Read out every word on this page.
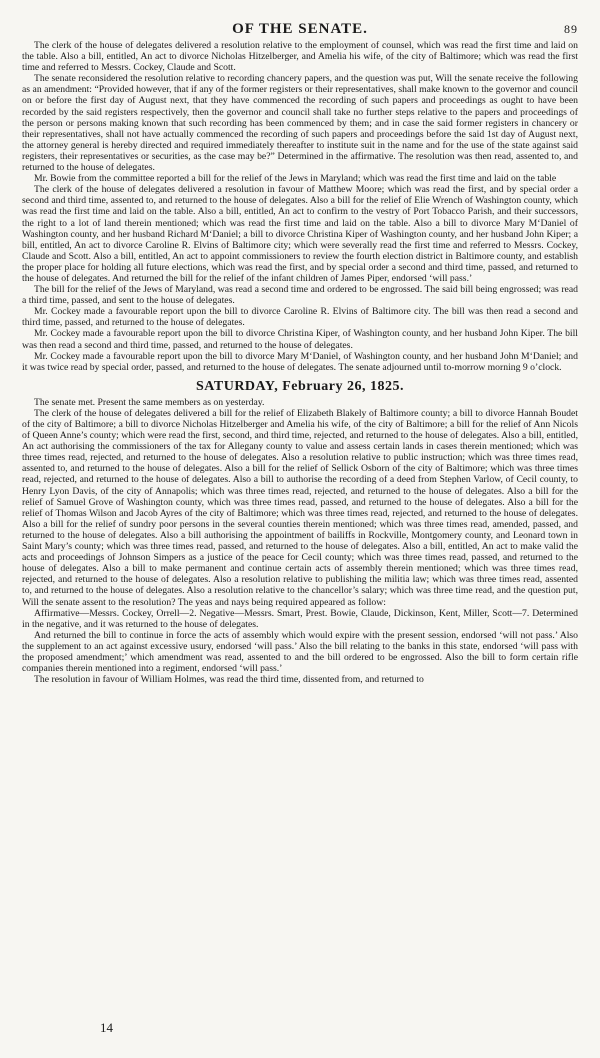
OF THE SENATE.	89

The clerk of the house of delegates delivered a resolution relative to the employment of counsel, which was read the first time and laid on the table. Also a bill, entitled, An act to divorce Nicholas Hitzelberger, and Amelia his wife, of the city of Baltimore; which was read the first time and referred to Messrs. Cockey, Claude and Scott.

The senate reconsidered the resolution relative to recording chancery papers, and the question was put, Will the senate receive the following as an amendment: “Provided however, that if any of the former registers or their representatives, shall make known to the governor and council on or before the first day of August next, that they have commenced the recording of such papers and proceedings as ought to have been recorded by the said registers respectively, then the governor and council shall take no further steps relative to the papers and proceedings of the person or persons making known that such recording has been commenced by them; and in case the said former registers in chancery or their representatives, shall not have actually commenced the recording of such papers and proceedings before the said 1st day of August next, the attorney general is hereby directed and required immediately thereafter to institute suit in the name and for the use of the state against said registers, their representatives or securities, as the case may be?” Determined in the affirmative. The resolution was then read, assented to, and returned to the house of delegates.

Mr. Bowie from the committee reported a bill for the relief of the Jews in Maryland; which was read the first time and laid on the table

The clerk of the house of delegates delivered a resolution in favour of Matthew Moore; which was read the first, and by special order a second and third time, assented to, and returned to the house of delegates. Also a bill for the relief of Elie Wrench of Washington county, which was read the first time and laid on the table. Also a bill, entitled, An act to confirm to the vestry of Port Tobacco Parish, and their successors, the right to a lot of land therein mentioned; which was read the first time and laid on the table. Also a bill to divorce Mary M‘Daniel of Washington county, and her husband Richard M‘Daniel; a bill to divorce Christina Kiper of Washington county, and her husband John Kiper; a bill, entitled, An act to divorce Caroline R. Elvins of Baltimore city; which were severally read the first time and referred to Messrs. Cockey, Claude and Scott. Also a bill, entitled, An act to appoint commissioners to review the fourth election district in Baltimore county, and establish the proper place for holding all future elections, which was read the first, and by special order a second and third time, passed, and returned to the house of delegates. And returned the bill for the relief of the infant children of James Piper, endorsed ‘will pass.’

The bill for the relief of the Jews of Maryland, was read a second time and ordered to be engrossed. The said bill being engrossed; was read a third time, passed, and sent to the house of delegates.

Mr. Cockey made a favourable report upon the bill to divorce Caroline R. Elvins of Baltimore city. The bill was then read a second and third time, passed, and returned to the house of delegates.

Mr. Cockey made a favourable report upon the bill to divorce Christina Kiper, of Washington county, and her husband John Kiper. The bill was then read a second and third time, passed, and returned to the house of delegates.

Mr. Cockey made a favourable report upon the bill to divorce Mary M‘Daniel, of Washington county, and her husband John M‘Daniel; and it was twice read by special order, passed, and returned to the house of delegates. The senate adjourned until to-morrow morning 9 o’clock.

SATURDAY, February 26, 1825.

The senate met. Present the same members as on yesterday.

The clerk of the house of delegates delivered a bill for the relief of Elizabeth Blakely of Baltimore county; a bill to divorce Hannah Boudet of the city of Baltimore; a bill to divorce Nicholas Hitzelberger and Amelia his wife, of the city of Baltimore; a bill for the relief of Ann Nicols of Queen Anne’s county; which were read the first, second, and third time, rejected, and returned to the house of delegates. Also a bill, entitled, An act authorising the commissioners of the tax for Allegany county to value and assess certain lands in cases therein mentioned; which was three times read, rejected, and returned to the house of delegates. Also a resolution relative to public instruction; which was three times read, assented to, and returned to the house of delegates. Also a bill for the relief of Sellick Osborn of the city of Baltimore; which was three times read, rejected, and returned to the house of delegates. Also a bill to authorise the recording of a deed from Stephen Varlow, of Cecil county, to Henry Lyon Davis, of the city of Annapolis; which was three times read, rejected, and returned to the house of delegates. Also a bill for the relief of Samuel Grove of Washington county, which was three times read, passed, and returned to the house of delegates. Also a bill for the relief of Thomas Wilson and Jacob Ayres of the city of Baltimore; which was three times read, rejected, and returned to the house of delegates. Also a bill for the relief of sundry poor persons in the several counties therein mentioned; which was three times read, amended, passed, and returned to the house of delegates. Also a bill authorising the appointment of bailiffs in Rockville, Montgomery county, and Leonard town in Saint Mary’s county; which was three times read, passed, and returned to the house of delegates. Also a bill, entitled, An act to make valid the acts and proceedings of Johnson Simpers as a justice of the peace for Cecil county; which was three times read, passed, and returned to the house of delegates. Also a bill to make permanent and continue certain acts of assembly therein mentioned; which was three times read, rejected, and returned to the house of delegates. Also a resolution relative to publishing the militia law; which was three times read, assented to, and returned to the house of delegates. Also a resolution relative to the chancellor’s salary; which was three time read, and the question put, Will the senate assent to the resolution? The yeas and nays being required appeared as follow:

Affirmative—Messrs. Cockey, Orrell—2. Negative—Messrs. Smart, Prest. Bowie, Claude, Dickinson, Kent, Miller, Scott—7. Determined in the negative, and it was returned to the house of delegates.

And returned the bill to continue in force the acts of assembly which would expire with the present session, endorsed ‘will not pass.’ Also the supplement to an act against excessive usury, endorsed ‘will pass.’ Also the bill relating to the banks in this state, endorsed ‘will pass with the proposed amendment;’ which amendment was read, assented to and the bill ordered to be engrossed. Also the bill to form certain rifle companies therein mentioned into a regiment, endorsed ‘will pass.’

The resolution in favour of William Holmes, was read the third time, dissented from, and returned to

14
